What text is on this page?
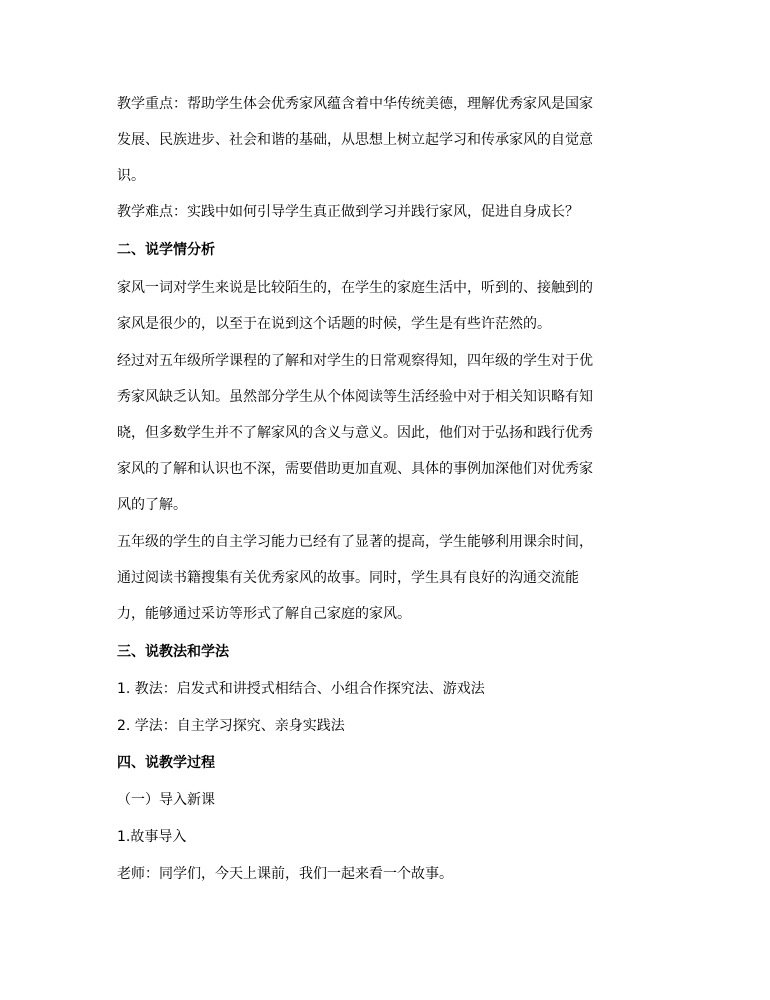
教学重点：帮助学生体会优秀家风蕴含着中华传统美德，理解优秀家风是国家
发展、民族进步、社会和谐的基础，从思想上树立起学习和传承家风的自觉意
识。
教学难点：实践中如何引导学生真正做到学习并践行家风，促进自身成长？
二、说学情分析
家风一词对学生来说是比较陌生的，在学生的家庭生活中，听到的、接触到的
家风是很少的，以至于在说到这个话题的时候，学生是有些许茫然的。
经过对五年级所学课程的了解和对学生的日常观察得知，四年级的学生对于优
秀家风缺乏认知。虽然部分学生从个体阅读等生活经验中对于相关知识略有知
晓，但多数学生并不了解家风的含义与意义。因此，他们对于弘扬和践行优秀
家风的了解和认识也不深，需要借助更加直观、具体的事例加深他们对优秀家
风的了解。
五年级的学生的自主学习能力已经有了显著的提高，学生能够利用课余时间，
通过阅读书籍搜集有关优秀家风的故事。同时，学生具有良好的沟通交流能
力，能够通过采访等形式了解自己家庭的家风。
三、说教法和学法
1. 教法：启发式和讲授式相结合、小组合作探究法、游戏法
2. 学法：自主学习探究、亲身实践法
四、说教学过程
（一）导入新课
1.故事导入
老师：同学们，今天上课前，我们一起来看一个故事。
